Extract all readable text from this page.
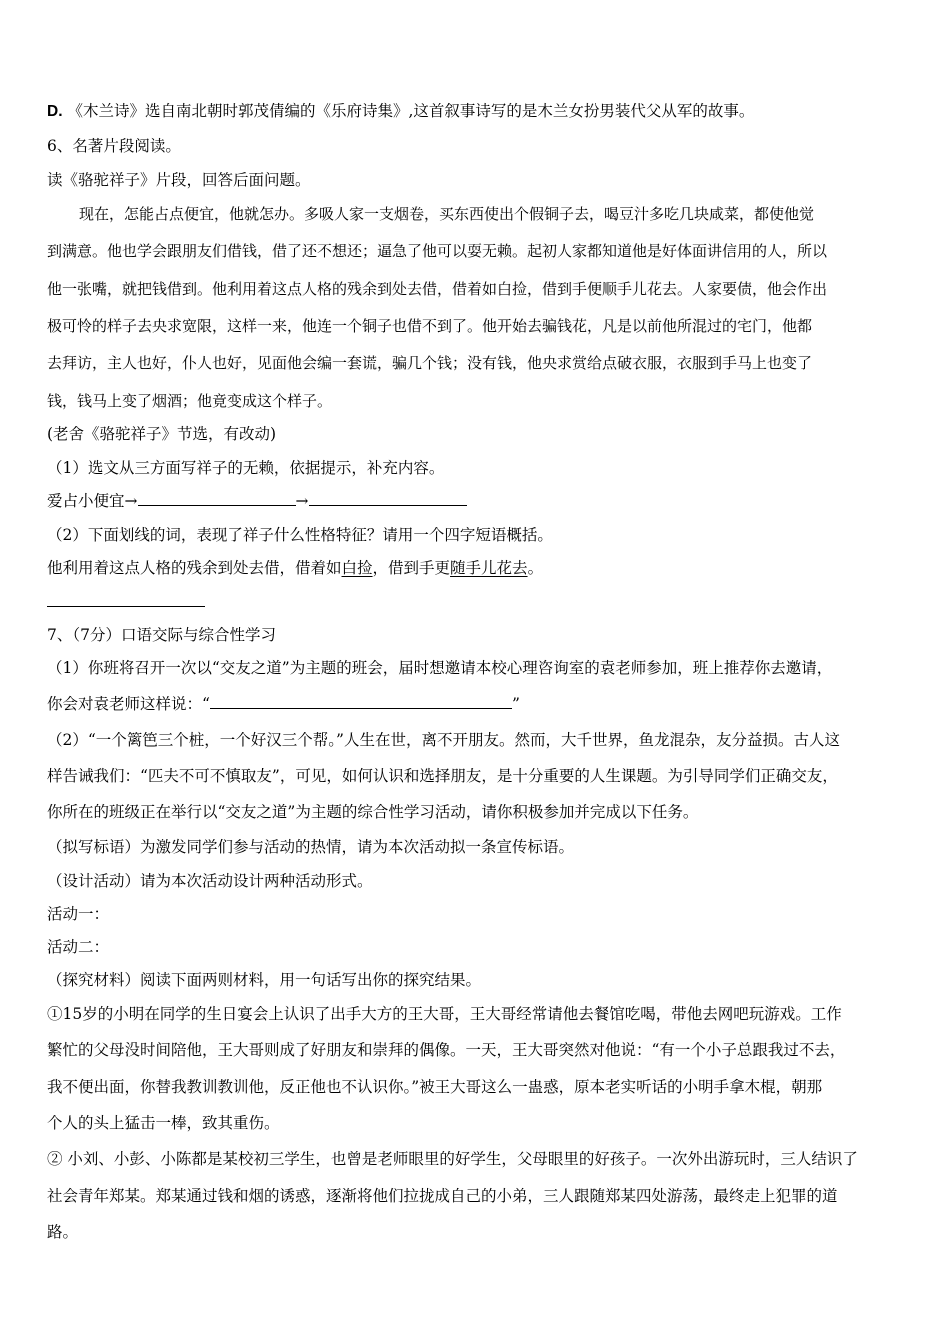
D. 《木兰诗》选自南北朝时郭茂倩编的《乐府诗集》,这首叙事诗写的是木兰女扮男装代父从军的故事。
6、名著片段阅读。
读《骆驼祥子》片段，回答后面问题。
现在，怎能占点便宜，他就怎办。多吸人家一支烟卷，买东西使出个假铜子去，喝豆汁多吃几块咸菜，都使他觉
到满意。他也学会跟朋友们借钱，借了还不想还；逼急了他可以耍无赖。起初人家都知道他是好体面讲信用的人，所以
他一张嘴，就把钱借到。他利用着这点人格的残余到处去借，借着如白捡，借到手便顺手儿花去。人家要债，他会作出
极可怜的样子去央求宽限，这样一来，他连一个铜子也借不到了。他开始去骗钱花，凡是以前他所混过的宅门，他都
去拜访，主人也好，仆人也好，见面他会编一套谎，骗几个钱；没有钱，他央求赏给点破衣服，衣服到手马上也变了
钱，钱马上变了烟酒；他竟变成这个样子。
(老舍《骆驼祥子》节选，有改动)
（1）选文从三方面写祥子的无赖，依据提示，补充内容。
爱占小便宜→	→
（2）下面划线的词，表现了祥子什么性格特征？请用一个四字短语概括。
他利用着这点人格的残余到处去借，借着如白捡，借到手更随手儿花去。
7、（7分）口语交际与综合性学习
（1）你班将召开一次以“交友之道”为主题的班会，届时想邀请本校心理咨询室的袁老师参加，班上推荐你去邀请，
你会对袁老师这样说：“	”
（2）“一个篱笆三个桩，一个好汉三个帮。”人生在世，离不开朋友。然而，大千世界，鱼龙混杂，友分益损。古人这
样告诫我们：“匹夫不可不慎取友”，可见，如何认识和选择朋友，是十分重要的人生课题。为引导同学们正确交友，
你所在的班级正在举行以“交友之道”为主题的综合性学习活动，请你积极参加并完成以下任务。
（拟写标语）为激发同学们参与活动的热情，请为本次活动拟一条宣传标语。
（设计活动）请为本次活动设计两种活动形式。
活动一：
活动二：
（探究材料）阅读下面两则材料，用一句话写出你的探究结果。
①15岁的小明在同学的生日宴会上认识了出手大方的王大哥，王大哥经常请他去餐馆吃喝，带他去网吧玩游戏。工作
繁忙的父母没时间陪他，王大哥则成了好朋友和崇拜的偶像。一天，王大哥突然对他说：“有一个小子总跟我过不去，
我不便出面，你替我教训教训他，反正他也不认识你。”被王大哥这么一蛊惑，原本老实听话的小明手拿木棍，朝那
个人的头上猛击一棒，致其重伤。
② 小刘、小彭、小陈都是某校初三学生，也曾是老师眼里的好学生，父母眼里的好孩子。一次外出游玩时，三人结识了
社会青年郑某。郑某通过钱和烟的诱惑，逐渐将他们拉拢成自己的小弟，三人跟随郑某四处游荡，最终走上犯罪的道
路。
